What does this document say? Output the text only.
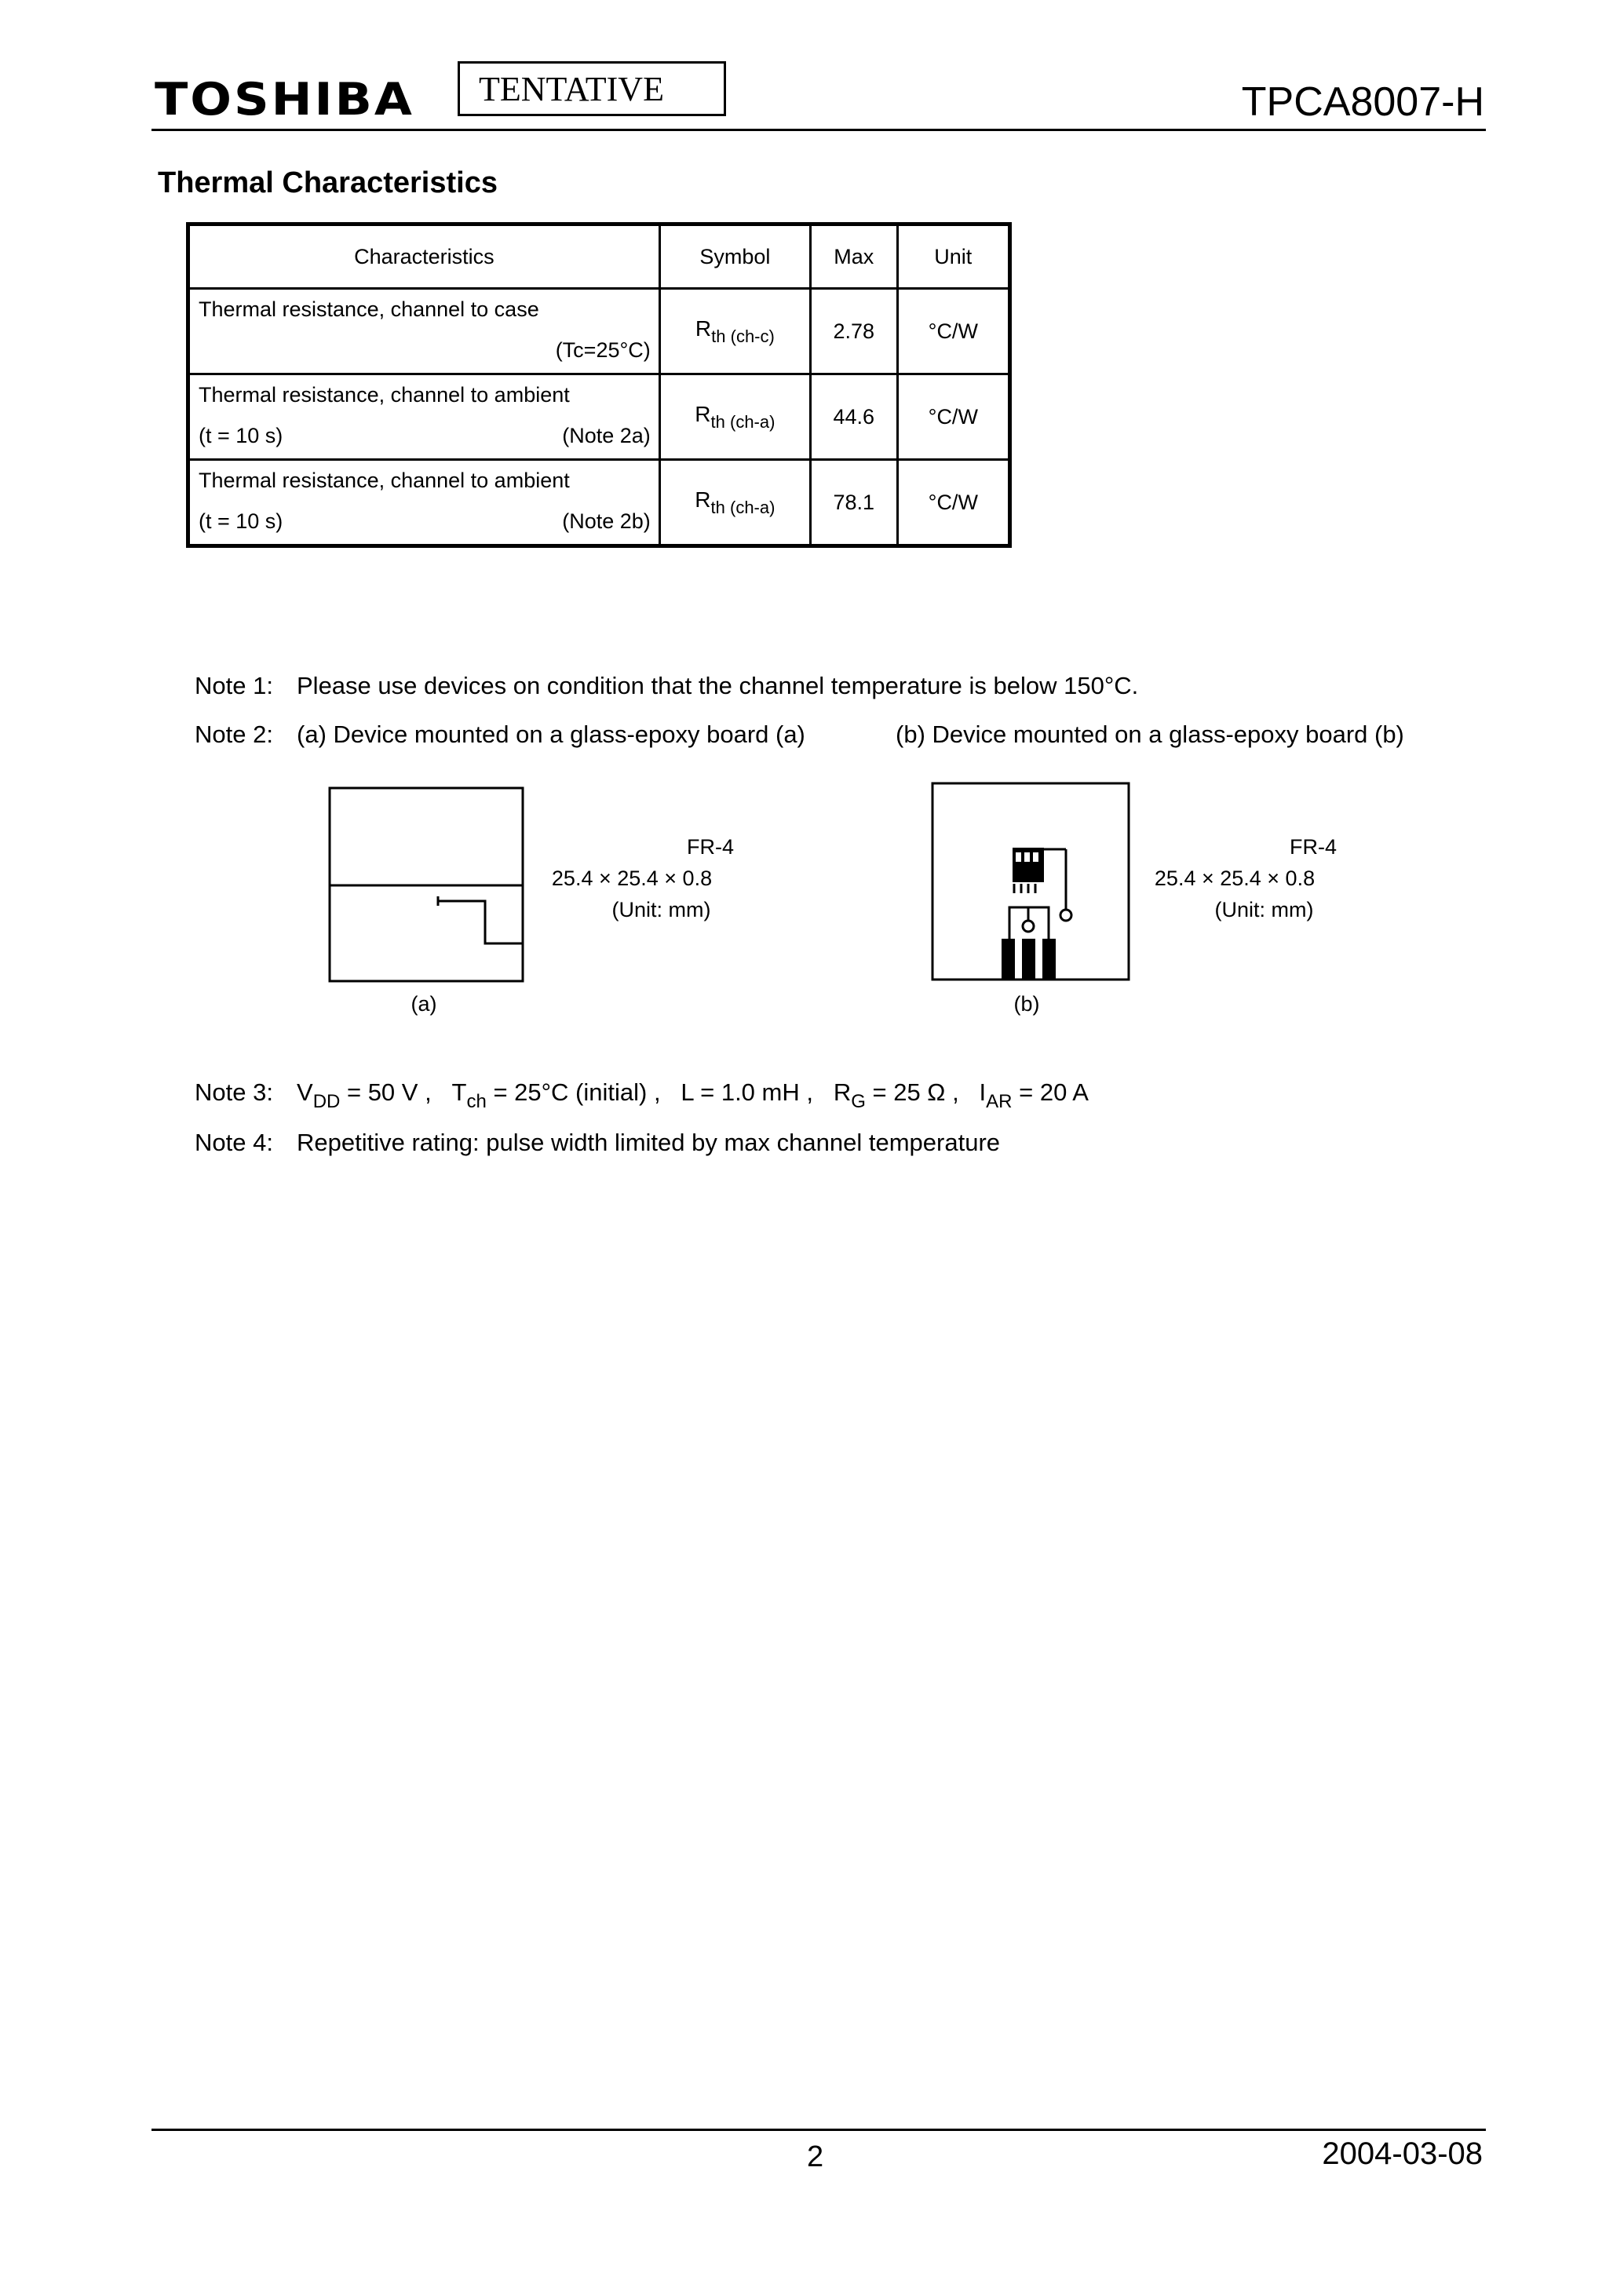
TOSHIBA	TENTATIVE	TPCA8007-H
Thermal Characteristics
Characteristics	Symbol	Max	Unit

Thermal resistance, channel to case
(Tc=25°C)	$R_{th (ch-c)}$	2.78	°C/W

Thermal resistance, channel to ambient
(t = 10 s) (Note 2a)	$R_{th (ch-a)}$	44.6	°C/W

Thermal resistance, channel to ambient
(t = 10 s) (Note 2b)	$R_{th (ch-a)}$	78.1	°C/W
Note 1: Please use devices on condition that the channel temperature is below 150°C.
Note 2: (a) Device mounted on a glass-epoxy board (a)	(b) Device mounted on a glass-epoxy board (b)
FR-4
25.4 × 25.4 × 0.8
(Unit: mm)
(a)
FR-4
25.4 × 25.4 × 0.8
(Unit: mm)
(b)
Note 3: $V_{DD} = 50$ V , $T_{ch} = 25^\circ C$ (initial) , L = 1.0 mH , $R_G = 25$ Ω , $I_{AR} = 20$ A
Note 4: Repetitive rating: pulse width limited by max channel temperature
2	2004-03-08
